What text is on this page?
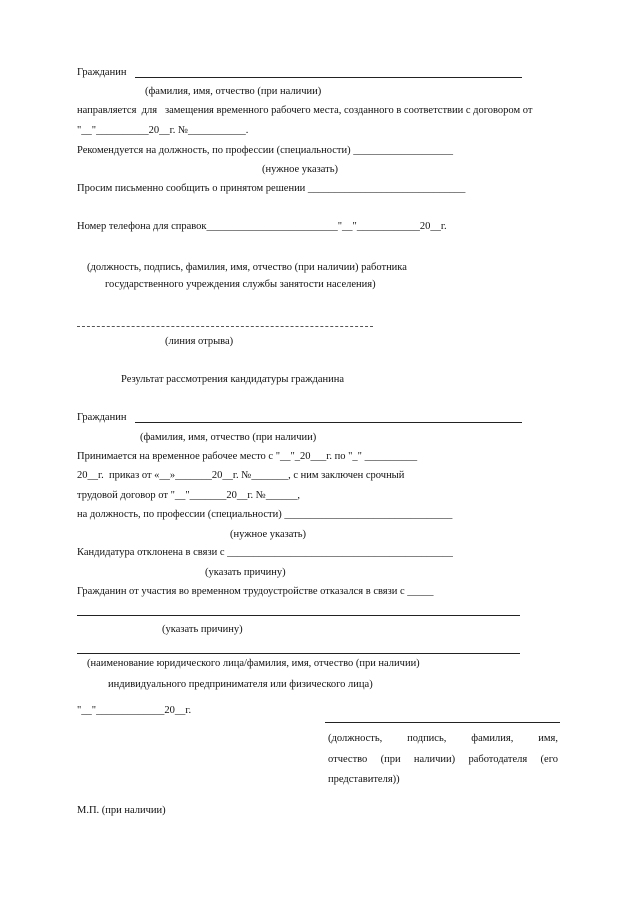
Гражданин
(фамилия, имя, отчество (при наличии)
направляется  для   замещения временного рабочего места, созданного в соответствии с договором от
"__"__________20__г. №___________.
Рекомендуется на должность, по профессии (специальности) ___________________
(нужное указать)
Просим письменно сообщить о принятом решении ______________________________
Номер телефона для справок_________________________"__"____________20__г.
(должность, подпись, фамилия, имя, отчество (при наличии) работника
государственного учреждения службы занятости населения)
(линия отрыва)
Результат рассмотрения кандидатуры гражданина
Гражданин
(фамилия, имя, отчество (при наличии)
Принимается на временное рабочее место с "__"_20___г. по "_" __________
20__г.  приказ от «__»_______20__г. №_______, с ним заключен срочный
трудовой договор от "__"_______20__г. №______,
на должность, по профессии (специальности) ________________________________
(нужное указать)
Кандидатура отклонена в связи с ___________________________________________
(указать причину)
Гражданин от участия во временном трудоустройстве отказался в связи с _____
(указать причину)
(наименование юридического лица/фамилия, имя, отчество (при наличии)
индивидуального предпринимателя или физического лица)
"__"_____________20__г.
(должность, подпись, фамилия, имя,
отчество (при наличии) работодателя (его
представителя))
М.П. (при наличии)
